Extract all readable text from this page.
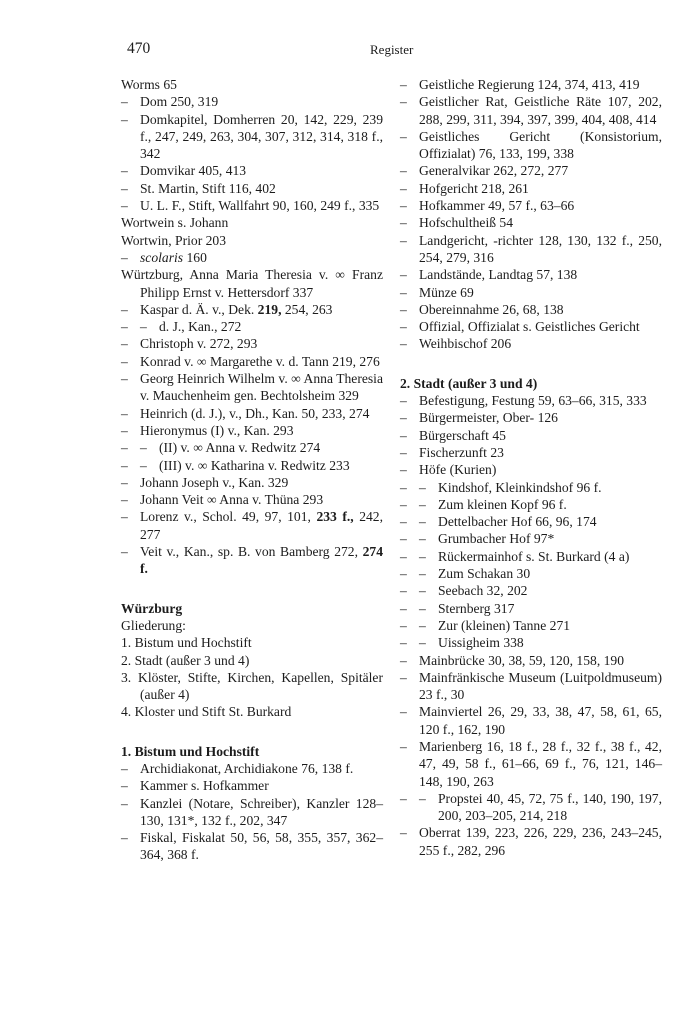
470	Register
Worms 65
– Dom 250, 319
– Domkapitel, Domherren 20, 142, 229, 239 f., 247, 249, 263, 304, 307, 312, 314, 318 f., 342
– Domvikar 405, 413
– St. Martin, Stift 116, 402
– U. L. F., Stift, Wallfahrt 90, 160, 249 f., 335
Wortwein s. Johann
Wortwin, Prior 203
– scolaris 160
Würtzburg, Anna Maria Theresia v. ∞ Franz Philipp Ernst v. Hettersdorf 337
– Kaspar d. Ä. v., Dek. 219, 254, 263
– – d. J., Kan., 272
– Christoph v. 272, 293
– Konrad v. ∞ Margarethe v. d. Tann 219, 276
– Georg Heinrich Wilhelm v. ∞ Anna Theresia v. Mauchenheim gen. Bechtolsheim 329
– Heinrich (d. J.), v., Dh., Kan. 50, 233, 274
– Hieronymus (I) v., Kan. 293
– – (II) v. ∞ Anna v. Redwitz 274
– – (III) v. ∞ Katharina v. Redwitz 233
– Johann Joseph v., Kan. 329
– Johann Veit ∞ Anna v. Thüna 293
– Lorenz v., Schol. 49, 97, 101, 233 f., 242, 277
– Veit v., Kan., sp. B. von Bamberg 272, 274 f.
Würzburg
Gliederung:
1. Bistum und Hochstift
2. Stadt (außer 3 und 4)
3. Klöster, Stifte, Kirchen, Kapellen, Spitäler (außer 4)
4. Kloster und Stift St. Burkard
1. Bistum und Hochstift
– Archidiakonat, Archidiakone 76, 138 f.
– Kammer s. Hofkammer
– Kanzlei (Notare, Schreiber), Kanzler 128–130, 131*, 132 f., 202, 347
– Fiskal, Fiskalat 50, 56, 58, 355, 357, 362–364, 368 f.
– Geistliche Regierung 124, 374, 413, 419
– Geistlicher Rat, Geistliche Räte 107, 202, 288, 299, 311, 394, 397, 399, 404, 408, 414
– Geistliches Gericht (Konsistorium, Offizialat) 76, 133, 199, 338
– Generalvikar 262, 272, 277
– Hofgericht 218, 261
– Hofkammer 49, 57 f., 63–66
– Hofschultheiß 54
– Landgericht, -richter 128, 130, 132 f., 250, 254, 279, 316
– Landstände, Landtag 57, 138
– Münze 69
– Obereinnahme 26, 68, 138
– Offizial, Offizialat s. Geistliches Gericht
– Weihbischof 206
2. Stadt (außer 3 und 4)
– Befestigung, Festung 59, 63–66, 315, 333
– Bürgermeister, Ober- 126
– Bürgerschaft 45
– Fischerzunft 23
– Höfe (Kurien)
– – Kindshof, Kleinkindshof 96 f.
– – Zum kleinen Kopf 96 f.
– – Dettelbacher Hof 66, 96, 174
– – Grumbacher Hof 97*
– – Rückermainhof s. St. Burkard (4 a)
– – Zum Schakan 30
– – Seebach 32, 202
– – Sternberg 317
– – Zur (kleinen) Tanne 271
– – Uissigheim 338
– Mainbrücke 30, 38, 59, 120, 158, 190
– Mainfränkische Museum (Luitpoldmuseum) 23 f., 30
– Mainviertel 26, 29, 33, 38, 47, 58, 61, 65, 120 f., 162, 190
– Marienberg 16, 18 f., 28 f., 32 f., 38 f., 42, 47, 49, 58 f., 61–66, 69 f., 76, 121, 146–148, 190, 263
– – Propstei 40, 45, 72, 75 f., 140, 190, 197, 200, 203–205, 214, 218
– Oberrat 139, 223, 226, 229, 236, 243–245, 255 f., 282, 296
